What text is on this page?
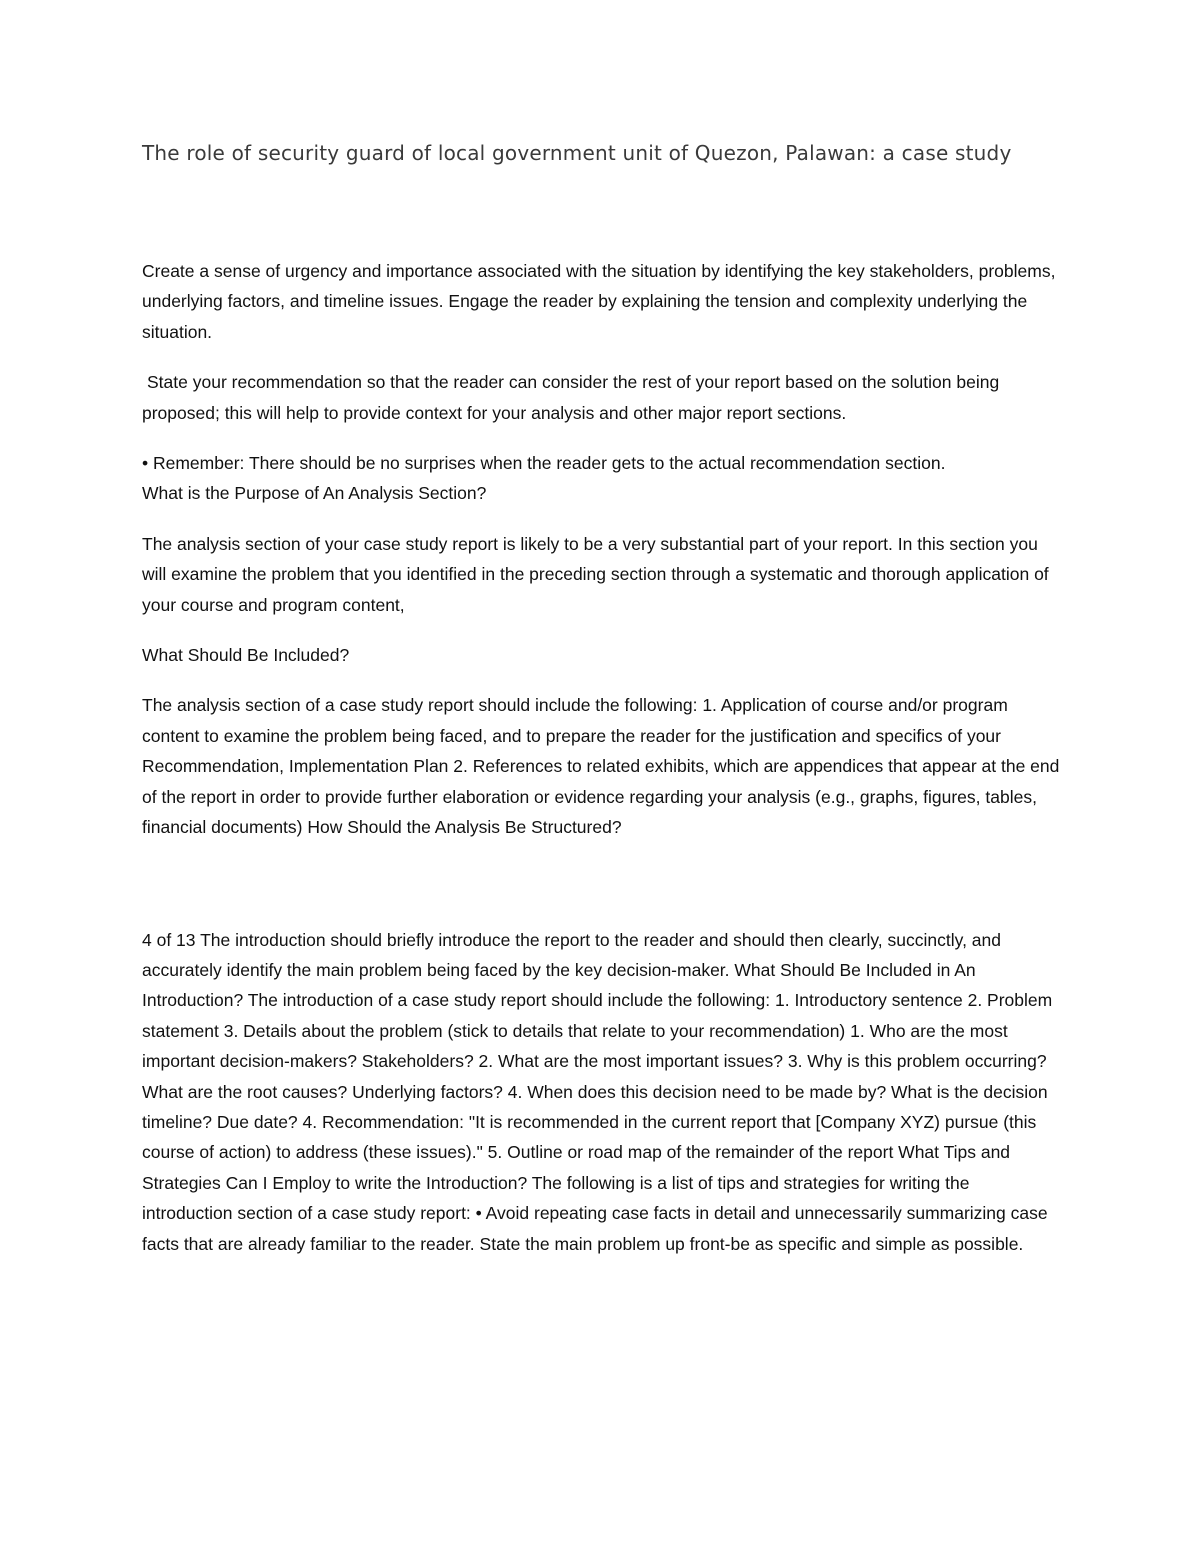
The role of security guard of local government unit of Quezon, Palawan: a case study

Create a sense of urgency and importance associated with the situation by identifying the key stakeholders, problems, underlying factors, and timeline issues. Engage the reader by explaining the tension and complexity underlying the situation.

State your recommendation so that the reader can consider the rest of your report based on the solution being proposed; this will help to provide context for your analysis and other major report sections.

• Remember: There should be no surprises when the reader gets to the actual recommendation section.

What is the Purpose of An Analysis Section?

The analysis section of your case study report is likely to be a very substantial part of your report. In this section you will examine the problem that you identified in the preceding section through a systematic and thorough application of your course and program content,

What Should Be Included?

The analysis section of a case study report should include the following: 1. Application of course and/or program content to examine the problem being faced, and to prepare the reader for the justification and specifics of your Recommendation, Implementation Plan 2. References to related exhibits, which are appendices that appear at the end of the report in order to provide further elaboration or evidence regarding your analysis (e.g., graphs, figures, tables, financial documents) How Should the Analysis Be Structured?

4 of 13 The introduction should briefly introduce the report to the reader and should then clearly, succinctly, and accurately identify the main problem being faced by the key decision-maker. What Should Be Included in An Introduction? The introduction of a case study report should include the following: 1. Introductory sentence 2. Problem statement 3. Details about the problem (stick to details that relate to your recommendation) 1. Who are the most important decision-makers? Stakeholders? 2. What are the most important issues? 3. Why is this problem occurring? What are the root causes? Underlying factors? 4. When does this decision need to be made by? What is the decision timeline? Due date? 4. Recommendation: "It is recommended in the current report that [Company XYZ) pursue (this course of action) to address (these issues)." 5. Outline or road map of the remainder of the report What Tips and Strategies Can I Employ to write the Introduction? The following is a list of tips and strategies for writing the introduction section of a case study report: • Avoid repeating case facts in detail and unnecessarily summarizing case facts that are already familiar to the reader. State the main problem up front-be as specific and simple as possible.
